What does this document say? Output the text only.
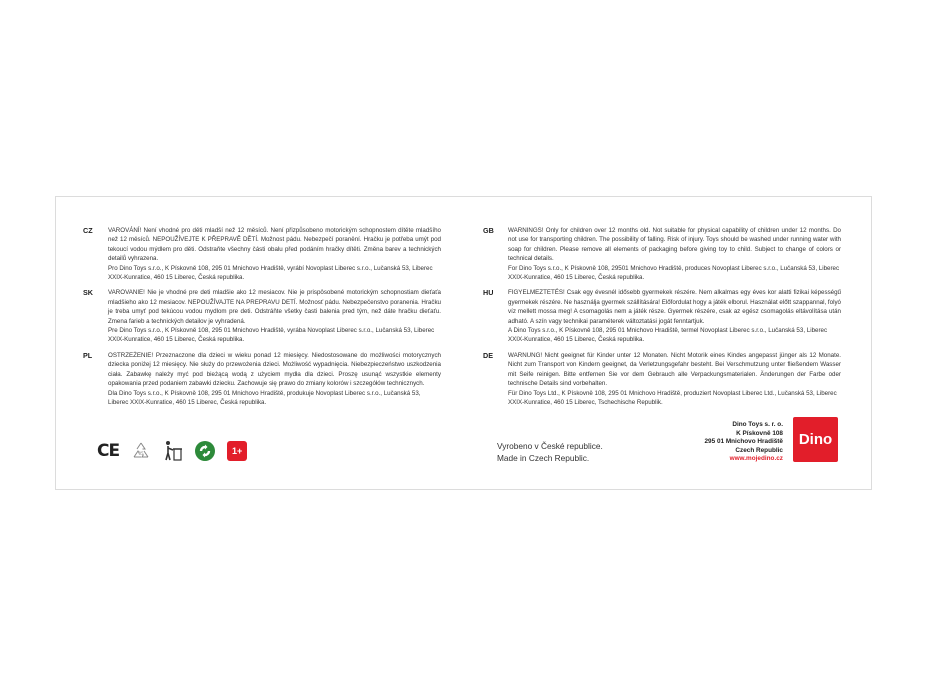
CZ VAROVÁNÍ! Není vhodné pro děti mladší než 12 měsíců. Není přizpůsobeno motorickým schopnostem dítěte mladšího než 12 měsíců. NEPOUŽÍVEJTE K PŘEPRAVĚ DĚTÍ. Možnost pádu. Nebezpečí poranění. Hračku je potřeba umýt pod tekoucí vodou mýdlem pro děti. Odstraňte všechny části obalu před podáním hračky dítěti. Změna barev a technických detailů vyhrazena.
Pro Dino Toys s.r.o., K Pískovně 108, 295 01 Mnichovo Hradiště, vyrábí Novoplast Liberec s.r.o., Lučanská 53, Liberec XXIX-Kunratice, 460 15 Liberec, Česká republika.
SK VAROVANIE! Nie je vhodné pre deti mladšie ako 12 mesiacov. Nie je prispôsobené motorickým schopnostiam dieťaťa mladšieho ako 12 mesiacov. NEPOUŽÍVAJTE NA PREPRAVU DETÍ. Možnosť pádu. Nebezpečenstvo poranenia. Hračku je treba umyť pod tekúcou vodou mydlom pre deti. Odstráňte všetky časti balenia pred tým, než dáte hračku dieťaťu. Zmena farieb a technických detailov je vyhradená.
Pre Dino Toys s.r.o., K Pískovně 108, 295 01 Mnichovo Hradiště, vyrába Novoplast Liberec s.r.o., Lučanská 53, Liberec XXIX-Kunratice, 460 15 Liberec, Česká republika.
PL	OSTRZEŻENIE! Przeznaczone dla dzieci w wieku ponad 12 miesięcy. Niedostosowane do możliwości motorycznych dziecka poniżej 12 miesięcy. Nie służy do przewożenia dzieci. Możliwość wypadnięcia. Niebezpieczeństwo uszkodzenia ciała. Zabawkę należy myć pod bieżącą wodą z użyciem mydła dla dzieci. Proszę usunąć wszystkie elementy opakowania przed podaniem zabawki dziecku. Zachowuje się prawo do zmiany kolorów i szczegółów technicznych.
Dla Dino Toys s.r.o., K Pískovně 108, 295 01 Mnichovo Hradiště, produkuje Novoplast Liberec s.r.o., Lučanská 53, Liberec XXIX-Kunratice, 460 15 Liberec, Česká republika.
GB WARNINGS! Only for children over 12 months old. Not suitable for physical capability of children under 12 months. Do not use for transporting children. The possibility of falling. Risk of injury. Toys should be washed under running water with soap for children. Please remove all elements of packaging before giving toy to child. Subject to change of colors or technical details.
For Dino Toys s.r.o., K Pískovně 108, 29501 Mnichovo Hradiště, produces Novoplast Liberec s.r.o., Lučanská 53, Liberec XXIX-Kunratice, 460 15 Liberec, Česká republika.
HU FIGYELMEZTETÉS! Csak egy évesnél idősebb gyermekek részére. Nem alkalmas egy éves kor alatti fizikai képességű gyermekek részére. Ne használja gyermek szállítására! Előfordulat hogy a játék elborul. Használat előtt szappannal, folyó víz mellett mossa meg! A csomagolás nem a játék része. Gyermek részére, csak az egész csomagolás eltávolítása után adható. A szín vagy technikai paraméterek változtatási jogát fenntartjuk.
A Dino Toys s.r.o., K Pískovně 108, 295 01 Mnichovo Hradiště, termel Novoplast Liberec s.r.o., Lučanská 53, Liberec XXIX-Kunratice, 460 15 Liberec, Česká republika.
DE WARNUNG! Nicht geeignet für Kinder unter 12 Monaten. Nicht Motorik eines Kindes angepasst jünger als 12 Monate. Nicht zum Transport von Kindern geeignet, da Verletzungsgefahr besteht. Bei Verschmutzung unter fließendem Wasser mit Seife reinigen. Bitte entfernen Sie vor dem Gebrauch alle Verpackungsmaterialen. Änderungen der Farbe oder technische Details sind vorbehalten.
Für Dino Toys Ltd., K Pískovně 108, 295 01 Mnichovo Hradiště, produziert Novoplast Liberec Ltd., Lučanská 53, Liberec XXIX-Kunratice, 460 15 Liberec, Tschechische Republik.
CE	05	1+	Vyrobeno v České republice.
Made in Czech Republic.
Dino Toys s. r. o.
K Pískovně 108
295 01 Mnichovo Hradiště
Czech Republic
www.mojedino.cz
Dino
